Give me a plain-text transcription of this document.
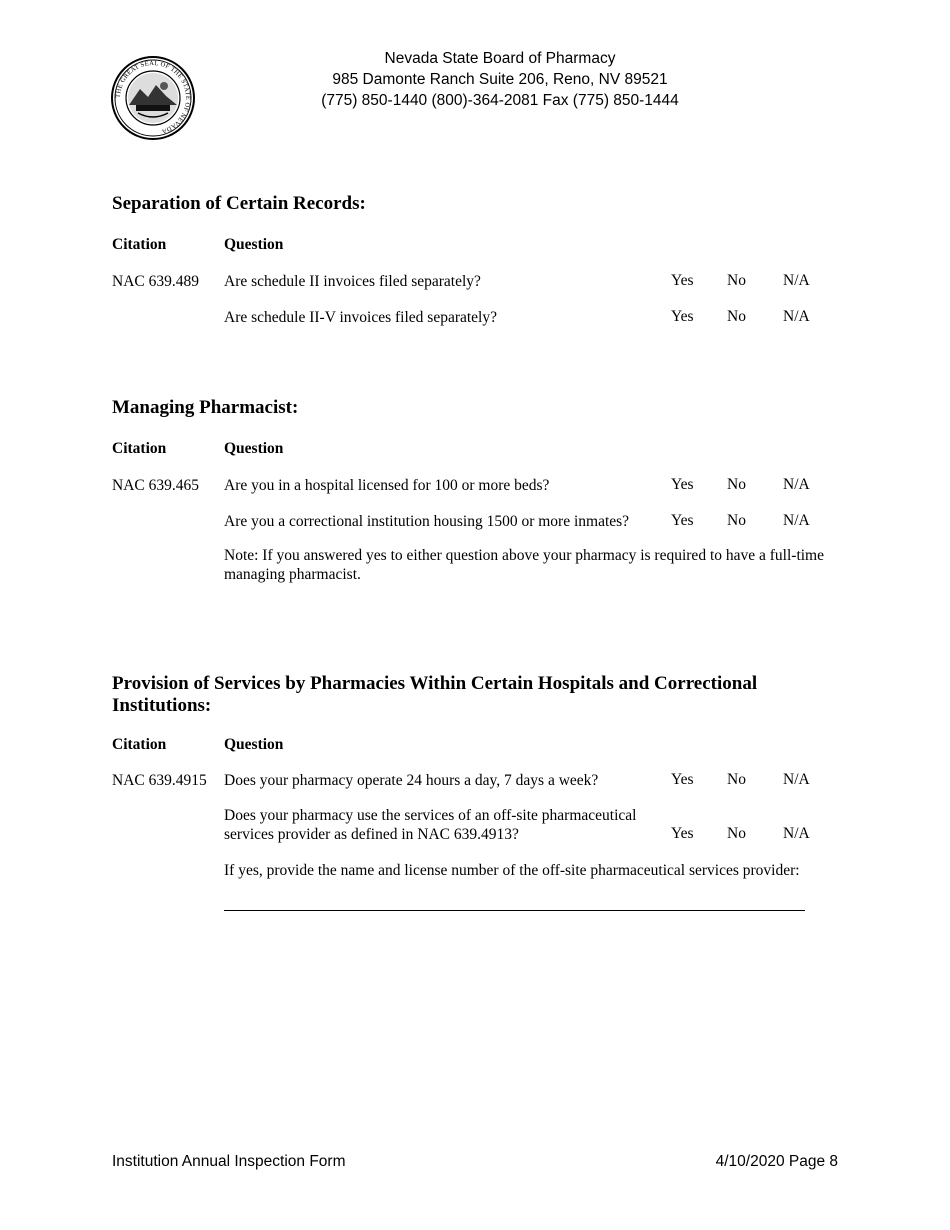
THE GREAT SEAL OF THE STATE OF NEVADA
Nevada State Board of Pharmacy
985 Damonte Ranch Suite 206, Reno, NV 89521
(775) 850-1440 (800)-364-2081 Fax (775) 850-1444
Separation of Certain Records:
Citation	Question
NAC 639.489 Are schedule II invoices filed separately?	Yes No N/A
Are schedule II-V invoices filed separately?	Yes No N/A
Managing Pharmacist:
Citation	Question
NAC 639.465 Are you in a hospital licensed for 100 or more beds?	Yes No N/A
Are you a correctional institution housing 1500 or more inmates?	Yes No N/A
Note: If you answered yes to either question above your pharmacy is required to have a full-time managing pharmacist.
Provision of Services by Pharmacies Within Certain Hospitals and Correctional Institutions:
Citation	Question
NAC 639.4915 Does your pharmacy operate 24 hours a day, 7 days a week?	Yes No N/A
Does your pharmacy use the services of an off-site pharmaceutical services provider as defined in NAC 639.4913?	Yes No N/A
If yes, provide the name and license number of the off-site pharmaceutical services provider:
Institution Annual Inspection Form	4/10/2020 Page 8
